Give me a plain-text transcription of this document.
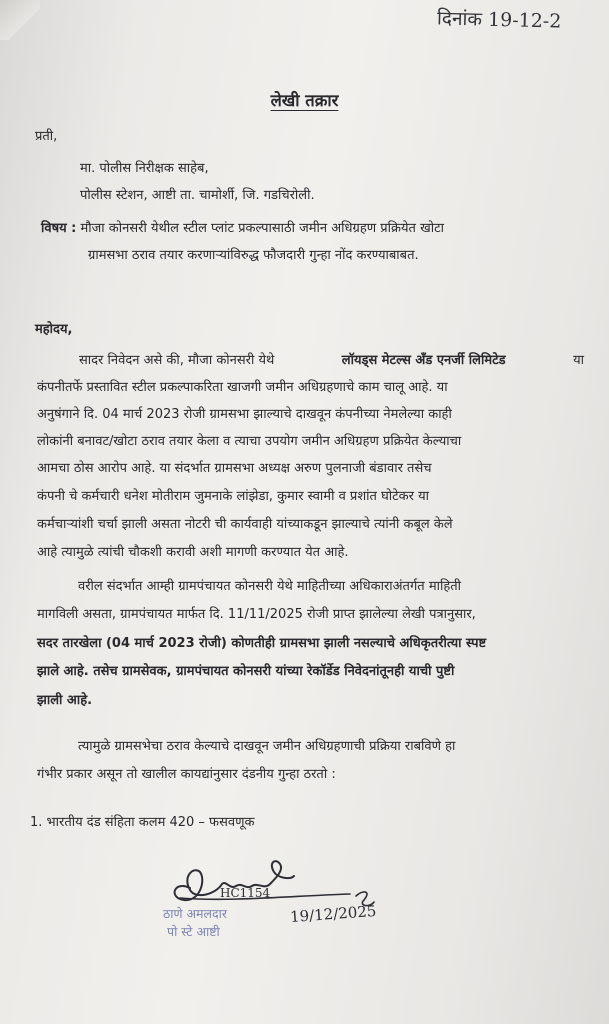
दिनांक 19-12-2
लेखी तक्रार

प्रती,

मा. पोलीस निरीक्षक साहेब,

पोलीस स्टेशन, आष्टी ता. चामोर्शी, जि. गडचिरोली.

विषय : मौजा कोनसरी येथील स्टील प्लांट प्रकल्पासाठी जमीन अधिग्रहण प्रक्रियेत खोटा

ग्रामसभा ठराव तयार करणाऱ्यांविरुद्ध फौजदारी गुन्हा नोंद करण्याबाबत.

महोदय,

सादर निवेदन असे की, मौजा कोनसरी येथे	लॉयड्स मेटल्स अँड एनर्जी लिमिटेड	या

कंपनीतर्फे प्रस्तावित स्टील प्रकल्पाकरिता खाजगी जमीन अधिग्रहणाचे काम चालू आहे. या

अनुषंगाने दि. 04 मार्च 2023 रोजी ग्रामसभा झाल्याचे दाखवून कंपनीच्या नेमलेल्या काही

लोकांनी बनावट/खोटा ठराव तयार केला व त्याचा उपयोग जमीन अधिग्रहण प्रक्रियेत केल्याचा

आमचा ठोस आरोप आहे. या संदर्भात ग्रामसभा अध्यक्ष अरुण पुलनाजी बंडावार तसेच

कंपनी चे कर्मचारी धनेश मोतीराम जुमनाके लांझेडा, कुमार स्वामी व प्रशांत घोटेकर या

कर्मचाऱ्यांशी चर्चा झाली असता नोटरी ची कार्यवाही यांच्याकडून झाल्याचे त्यांनी कबूल केले

आहे त्यामुळे त्यांची चौकशी करावी अशी मागणी करण्यात येत आहे.

वरील संदर्भात आम्ही ग्रामपंचायत कोनसरी येथे माहितीच्या अधिकाराअंतर्गत माहिती

मागविली असता, ग्रामपंचायत मार्फत दि. 11/11/2025 रोजी प्राप्त झालेल्या लेखी पत्रानुसार,

सदर तारखेला (04 मार्च 2023 रोजी) कोणतीही ग्रामसभा झाली नसल्याचे अधिकृतरीत्या स्पष्ट

झाले आहे. तसेच ग्रामसेवक, ग्रामपंचायत कोनसरी यांच्या रेकॉर्डेड निवेदनांतूनही याची पुष्टी

झाली आहे.

त्यामुळे ग्रामसभेचा ठराव केल्याचे दाखवून जमीन अधिग्रहणाची प्रक्रिया राबविणे हा

गंभीर प्रकार असून तो खालील कायद्यांनुसार दंडनीय गुन्हा ठरतो :

1. भारतीय दंड संहिता कलम 420 – फसवणूक

HC1154
ठाणे अमलदार
पो स्टे आष्टी
19/12/2025
